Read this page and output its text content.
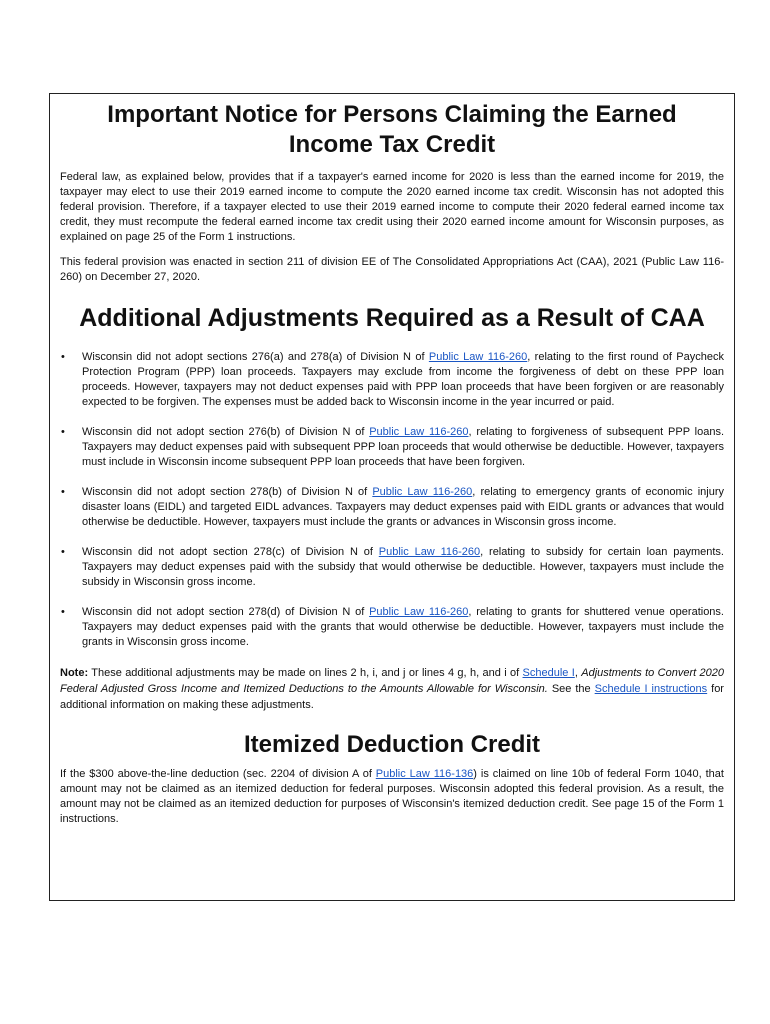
Important Notice for Persons Claiming the Earned Income Tax Credit

Federal law, as explained below, provides that if a taxpayer's earned income for 2020 is less than the earned income for 2019, the taxpayer may elect to use their 2019 earned income to compute the 2020 earned income tax credit. Wisconsin has not adopted this federal provision. Therefore, if a taxpayer elected to use their 2019 earned income to compute their 2020 federal earned income tax credit, they must recompute the federal earned income tax credit using their 2020 earned income amount for Wisconsin purposes, as explained on page 25 of the Form 1 instructions.

This federal provision was enacted in section 211 of division EE of The Consolidated Appropriations Act (CAA), 2021 (Public Law 116-260) on December 27, 2020.

Additional Adjustments Required as a Result of CAA
• Wisconsin did not adopt sections 276(a) and 278(a) of Division N of Public Law 116-260, relating to the first round of Paycheck Protection Program (PPP) loan proceeds. Taxpayers may exclude from income the forgiveness of debt on these PPP loan proceeds. However, taxpayers may not deduct expenses paid with PPP loan proceeds that have been forgiven or are reasonably expected to be forgiven. The expenses must be added back to Wisconsin income in the year incurred or paid.
• Wisconsin did not adopt section 276(b) of Division N of Public Law 116-260, relating to forgiveness of subsequent PPP loans. Taxpayers may deduct expenses paid with subsequent PPP loan proceeds that would otherwise be deductible. However, taxpayers must include in Wisconsin income subsequent PPP loan proceeds that have been forgiven.
• Wisconsin did not adopt section 278(b) of Division N of Public Law 116-260, relating to emergency grants of economic injury disaster loans (EIDL) and targeted EIDL advances. Taxpayers may deduct expenses paid with EIDL grants or advances that would otherwise be deductible. However, taxpayers must include the grants or advances in Wisconsin gross income.
• Wisconsin did not adopt section 278(c) of Division N of Public Law 116-260, relating to subsidy for certain loan payments. Taxpayers may deduct expenses paid with the subsidy that would otherwise be deductible. However, taxpayers must include the subsidy in Wisconsin gross income.
• Wisconsin did not adopt section 278(d) of Division N of Public Law 116-260, relating to grants for shuttered venue operations. Taxpayers may deduct expenses paid with the grants that would otherwise be deductible. However, taxpayers must include the grants in Wisconsin gross income.

Note: These additional adjustments may be made on lines 2 h, i, and j or lines 4 g, h, and i of Schedule I, Adjustments to Convert 2020 Federal Adjusted Gross Income and Itemized Deductions to the Amounts Allowable for Wisconsin. See the Schedule I instructions for additional information on making these adjustments.

Itemized Deduction Credit

If the $300 above-the-line deduction (sec. 2204 of division A of Public Law 116-136) is claimed on line 10b of federal Form 1040, that amount may not be claimed as an itemized deduction for federal purposes. Wisconsin adopted this federal provision. As a result, the amount may not be claimed as an itemized deduction for purposes of Wisconsin's itemized deduction credit. See page 15 of the Form 1 instructions.
